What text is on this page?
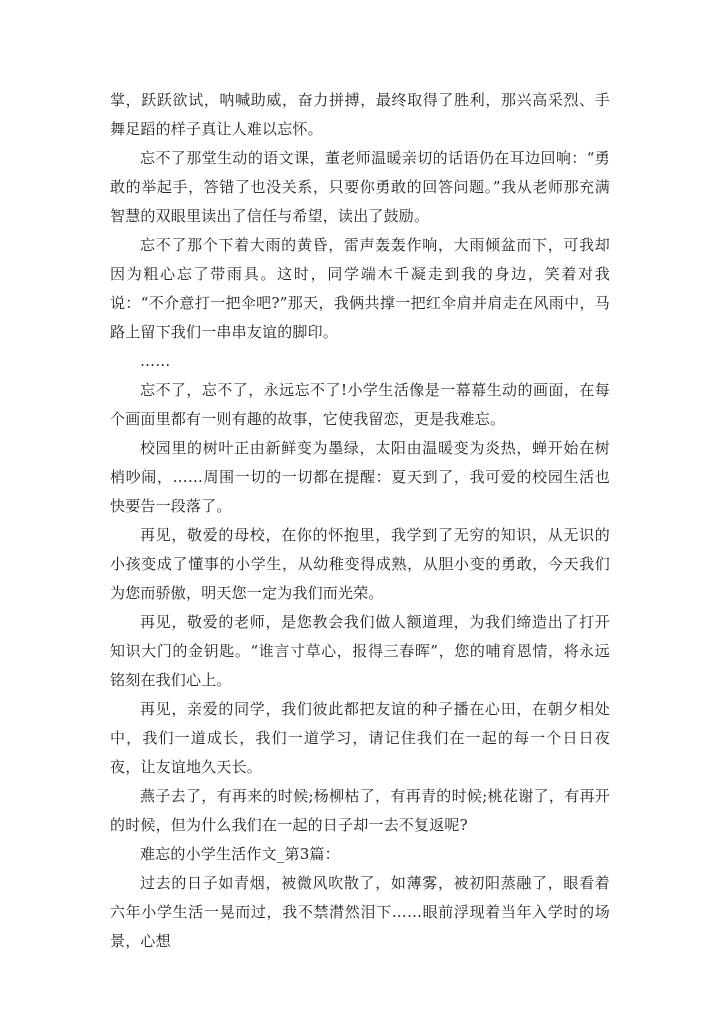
掌，跃跃欲试，呐喊助威，奋力拼搏，最终取得了胜利，那兴高采烈、手舞足蹈的样子真让人难以忘怀。

忘不了那堂生动的语文课，董老师温暖亲切的话语仍在耳边回响：“勇敢的举起手，答错了也没关系，只要你勇敢的回答问题。”我从老师那充满智慧的双眼里读出了信任与希望，读出了鼓励。

忘不了那个下着大雨的黄昏，雷声轰轰作响，大雨倾盆而下，可我却因为粗心忘了带雨具。这时，同学端木千凝走到我的身边，笑着对我说：“不介意打一把伞吧?”那天，我俩共撑一把红伞肩并肩走在风雨中，马路上留下我们一串串友谊的脚印。

……

忘不了，忘不了，永远忘不了!小学生活像是一幕幕生动的画面，在每个画面里都有一则有趣的故事，它使我留恋，更是我难忘。

校园里的树叶正由新鲜变为墨绿，太阳由温暖变为炎热，蝉开始在树梢吵闹，……周围一切的一切都在提醒：夏天到了，我可爱的校园生活也快要告一段落了。

再见，敬爱的母校，在你的怀抱里，我学到了无穷的知识，从无识的小孩变成了懂事的小学生，从幼稚变得成熟，从胆小变的勇敢，今天我们为您而骄傲，明天您一定为我们而光荣。

再见，敬爱的老师，是您教会我们做人额道理，为我们缔造出了打开知识大门的金钥匙。“谁言寸草心，报得三春晖”，您的哺育恩情，将永远铭刻在我们心上。

再见，亲爱的同学，我们彼此都把友谊的种子播在心田，在朝夕相处中，我们一道成长，我们一道学习，请记住我们在一起的每一个日日夜夜，让友谊地久天长。

燕子去了，有再来的时候;杨柳枯了，有再青的时候;桃花谢了，有再开的时候，但为什么我们在一起的日子却一去不复返呢?

难忘的小学生活作文_第3篇：

过去的日子如青烟，被微风吹散了，如薄雾，被初阳蒸融了，眼看着六年小学生活一晃而过，我不禁潸然泪下……眼前浮现着当年入学时的场景，心想
